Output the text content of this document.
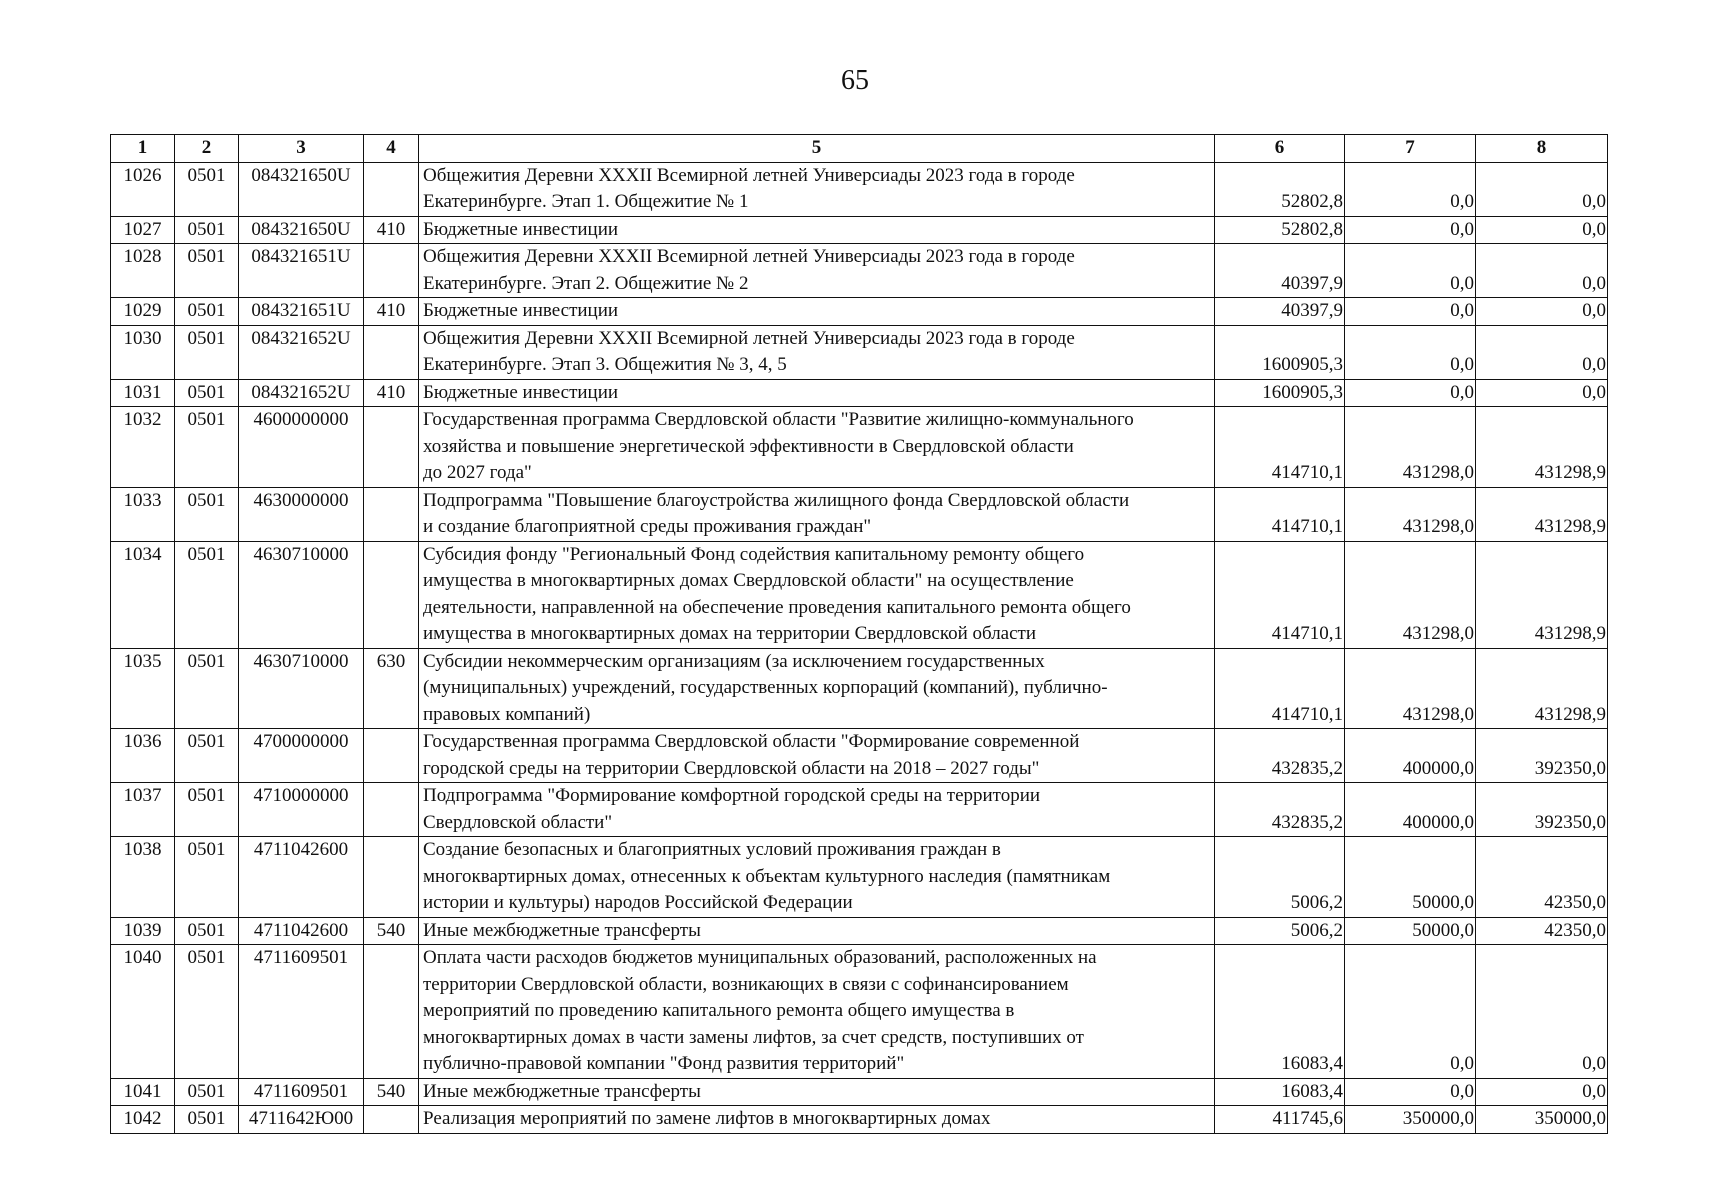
65
1	2	3	4	5	6	7	8
1026	0501	084321650U		Общежития Деревни XXXII Всемирной летней Универсиады 2023 года в городе
Екатеринбурге. Этап 1. Общежитие № 1	52802,8	0,0	0,0
1027	0501	084321650U	410	Бюджетные инвестиции	52802,8	0,0	0,0
1028	0501	084321651U		Общежития Деревни XXXII Всемирной летней Универсиады 2023 года в городе
Екатеринбурге. Этап 2. Общежитие № 2	40397,9	0,0	0,0
1029	0501	084321651U	410	Бюджетные инвестиции	40397,9	0,0	0,0
1030	0501	084321652U		Общежития Деревни XXXII Всемирной летней Универсиады 2023 года в городе
Екатеринбурге. Этап 3. Общежития № 3, 4, 5	1600905,3	0,0	0,0
1031	0501	084321652U	410	Бюджетные инвестиции	1600905,3	0,0	0,0
1032	0501	4600000000		Государственная программа Свердловской области "Развитие жилищно-коммунального
хозяйства и повышение энергетической эффективности в Свердловской области
до 2027 года"	414710,1	431298,0	431298,9
1033	0501	4630000000		Подпрограмма "Повышение благоустройства жилищного фонда Свердловской области
и создание благоприятной среды проживания граждан"	414710,1	431298,0	431298,9
1034	0501	4630710000		Субсидия фонду "Региональный Фонд содействия капитальному ремонту общего
имущества в многоквартирных домах Свердловской области" на осуществление
деятельности, направленной на обеспечение проведения капитального ремонта общего
имущества в многоквартирных домах на территории Свердловской области	414710,1	431298,0	431298,9
1035	0501	4630710000	630	Субсидии некоммерческим организациям (за исключением государственных
(муниципальных) учреждений, государственных корпораций (компаний), публично-
правовых компаний)	414710,1	431298,0	431298,9
1036	0501	4700000000		Государственная программа Свердловской области "Формирование современной
городской среды на территории Свердловской области на 2018 – 2027 годы"	432835,2	400000,0	392350,0
1037	0501	4710000000		Подпрограмма "Формирование комфортной городской среды на территории
Свердловской области"	432835,2	400000,0	392350,0
1038	0501	4711042600		Создание безопасных и благоприятных условий проживания граждан в
многоквартирных домах, отнесенных к объектам культурного наследия (памятникам
истории и культуры) народов Российской Федерации	5006,2	50000,0	42350,0
1039	0501	4711042600	540	Иные межбюджетные трансферты	5006,2	50000,0	42350,0
1040	0501	4711609501		Оплата части расходов бюджетов муниципальных образований, расположенных на
территории Свердловской области, возникающих в связи с софинансированием
мероприятий по проведению капитального ремонта общего имущества в
многоквартирных домах в части замены лифтов, за счет средств, поступивших от
публично-правовой компании "Фонд развития территорий"	16083,4	0,0	0,0
1041	0501	4711609501	540	Иные межбюджетные трансферты	16083,4	0,0	0,0
1042	0501	4711642Ю00		Реализация мероприятий по замене лифтов в многоквартирных домах	411745,6	350000,0	350000,0
